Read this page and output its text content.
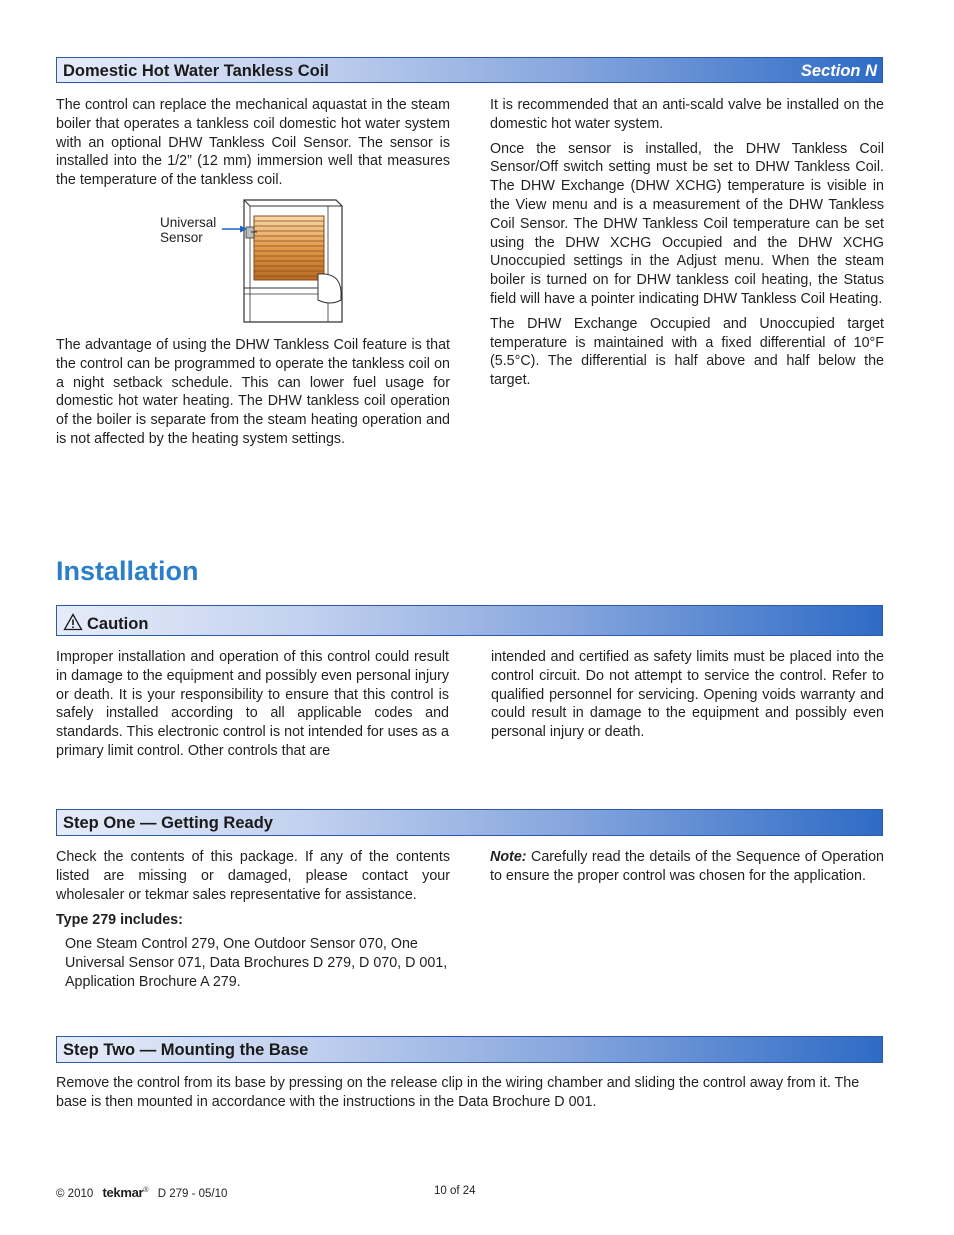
Domestic Hot Water Tankless Coil	Section N

The control can replace the mechanical aquastat in the steam boiler that operates a tankless coil domestic hot water system with an optional DHW Tankless Coil Sensor. The sensor is installed into the 1/2” (12 mm) immersion well that measures the temperature of the tankless coil.

Universal
Sensor

The advantage of using the DHW Tankless Coil feature is that the control can be programmed to operate the tankless coil on a night setback schedule. This can lower fuel usage for domestic hot water heating. The DHW tankless coil operation of the boiler is separate from the steam heating operation and is not affected by the heating system settings.

It is recommended that an anti-scald valve be installed on the domestic hot water system.

Once the sensor is installed, the DHW Tankless Coil Sensor/Off switch setting must be set to DHW Tankless Coil. The DHW Exchange (DHW XCHG) temperature is visible in the View menu and is a measurement of the DHW Tankless Coil Sensor. The DHW Tankless Coil temperature can be set using the DHW XCHG Occupied and the DHW XCHG Unoccupied settings in the Adjust menu. When the steam boiler is turned on for DHW tankless coil heating, the Status field will have a pointer indicating DHW Tankless Coil Heating.

The DHW Exchange Occupied and Unoccupied target temperature is maintained with a fixed differential of 10°F (5.5°C). The differential is half above and half below the target.

Installation
Caution

Improper installation and operation of this control could result in damage to the equipment and possibly even personal injury or death. It is your responsibility to ensure that this control is safely installed according to all applicable codes and standards. This electronic control is not intended for uses as a primary limit control. Other controls that are

intended and certified as safety limits must be placed into the control circuit. Do not attempt to service the control. Refer to qualified personnel for servicing. Opening voids warranty and could result in damage to the equipment and possibly even personal injury or death.

Step One — Getting Ready

Check the contents of this package. If any of the contents listed are missing or damaged, please contact your wholesaler or tekmar sales representative for assistance.

Type 279 includes:
One Steam Control 279, One Outdoor Sensor 070, One Universal Sensor 071, Data Brochures D 279, D 070, D 001, Application Brochure A 279.

Note: Carefully read the details of the Sequence of Operation to ensure the proper control was chosen for the application.

Step Two — Mounting the Base

Remove the control from its base by pressing on the release clip in the wiring chamber and sliding the control away from it. The base is then mounted in accordance with the instructions in the Data Brochure D 001.

© 2010 tekmar® D 279 - 05/10	10 of 24
